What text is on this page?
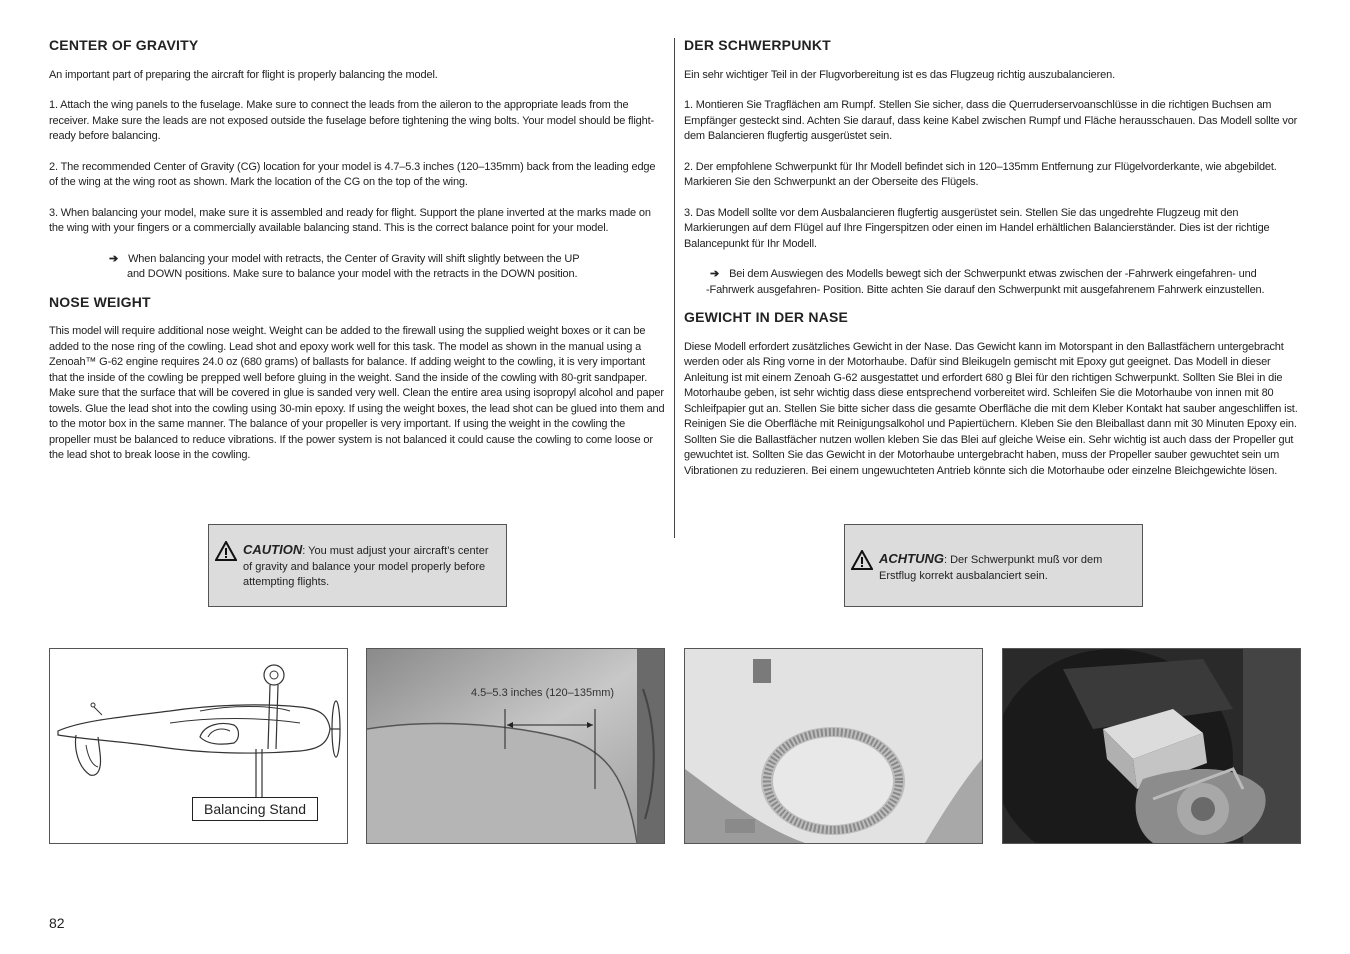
CENTER OF GRAVITY

An important part of preparing the aircraft for flight is properly balancing the model.

1. Attach the wing panels to the fuselage. Make sure to connect the leads from the aileron to the appropriate leads from the receiver. Make sure the leads are not exposed outside the fuselage before tightening the wing bolts. Your model should be flight-ready before balancing.

2. The recommended Center of Gravity (CG) location for your model is 4.7–5.3 inches (120–135mm) back from the leading edge of the wing at the wing root as shown. Mark the location of the CG on the top of the wing.

3. When balancing your model, make sure it is assembled and ready for flight. Support the plane inverted at the marks made on the wing with your fingers or a commercially available balancing stand. This is the correct balance point for your model.

➔ When balancing your model with retracts, the Center of Gravity will shift slightly between the UP
and DOWN positions. Make sure to balance your model with the retracts in the DOWN position.
NOSE WEIGHT

This model will require additional nose weight. Weight can be added to the firewall using the supplied weight boxes or it can be added to the nose ring of the cowling. Lead shot and epoxy work well for this task. The model as shown in the manual using a Zenoah™ G-62 engine requires 24.0 oz (680 grams) of ballasts for balance. If adding weight to the cowling, it is very important that the inside of the cowling be prepped well before gluing in the weight. Sand the inside of the cowling with 80-grit sandpaper. Make sure that the surface that will be covered in glue is sanded very well. Clean the entire area using isopropyl alcohol and paper towels. Glue the lead shot into the cowling using 30-min epoxy. If using the weight boxes, the lead shot can be glued into them and to the motor box in the same manner. The balance of your propeller is very important. If using the weight in the cowling the propeller must be balanced to reduce vibrations. If the power system is not balanced it could cause the cowling to come loose or the lead shot to break loose in the cowling.

DER SCHWERPUNKT

Ein sehr wichtiger Teil in der Flugvorbereitung ist es das Flugzeug richtig auszubalancieren.

1. Montieren Sie Tragflächen am Rumpf. Stellen Sie sicher, dass die Querruderservoanschlüsse in die richtigen Buchsen am Empfänger gesteckt sind. Achten Sie darauf, dass keine Kabel zwischen Rumpf und Fläche herausschauen. Das Modell sollte vor dem Balancieren flugfertig ausgerüstet sein.

2. Der empfohlene Schwerpunkt für Ihr Modell befindet sich in 120–135mm Entfernung zur Flügelvorderkante, wie abgebildet. Markieren Sie den Schwerpunkt an der Oberseite des Flügels.

3. Das Modell sollte vor dem Ausbalancieren flugfertig ausgerüstet sein. Stellen Sie das ungedrehte Flugzeug mit den Markierungen auf dem Flügel auf Ihre Fingerspitzen oder einen im Handel erhältlichen Balancierständer. Dies ist der richtige Balancepunkt für Ihr Modell.

➔ Bei dem Auswiegen des Modells bewegt sich der Schwerpunkt etwas zwischen der -Fahrwerk eingefahren- und
-Fahrwerk ausgefahren- Position. Bitte achten Sie darauf den Schwerpunkt mit ausgefahrenem Fahrwerk einzustellen.
GEWICHT IN DER NASE

Diese Modell erfordert zusätzliches Gewicht in der Nase. Das Gewicht kann im Motorspant in den Ballastfächern untergebracht werden oder als Ring vorne in der Motorhaube. Dafür sind Bleikugeln gemischt mit Epoxy gut geeignet. Das Modell in dieser Anleitung ist mit einem Zenoah G-62 ausgestattet und erfordert 680 g Blei für den richtigen Schwerpunkt. Sollten Sie Blei in die Motorhaube geben, ist sehr wichtig dass diese entsprechend vorbereitet wird. Schleifen Sie die Motorhaube von innen mit 80 Schleifpapier gut an. Stellen Sie bitte sicher dass die gesamte Oberfläche die mit dem Kleber Kontakt hat sauber angeschliffen ist. Reinigen Sie die Oberfläche mit Reinigungsalkohol und Papiertüchern. Kleben Sie den Bleiballast dann mit 30 Minuten Epoxy ein. Sollten Sie die Ballastfächer nutzen wollen kleben Sie das Blei auf gleiche Weise ein. Sehr wichtig ist auch dass der Propeller gut gewuchtet ist. Sollten Sie das Gewicht in der Motorhaube untergebracht haben, muss der Propeller sauber gewuchtet sein um Vibrationen zu reduzieren. Bei einem ungewuchteten Antrieb könnte sich die Motorhaube oder einzelne Bleichgewichte lösen.

CAUTION: You must adjust your aircraft’s center of gravity and balance your model properly before attempting flights.
ACHTUNG: Der Schwerpunkt muß vor dem Erstflug korrekt ausbalanciert sein.
Balancing Stand
4.5–5.3 inches (120–135mm)
82
